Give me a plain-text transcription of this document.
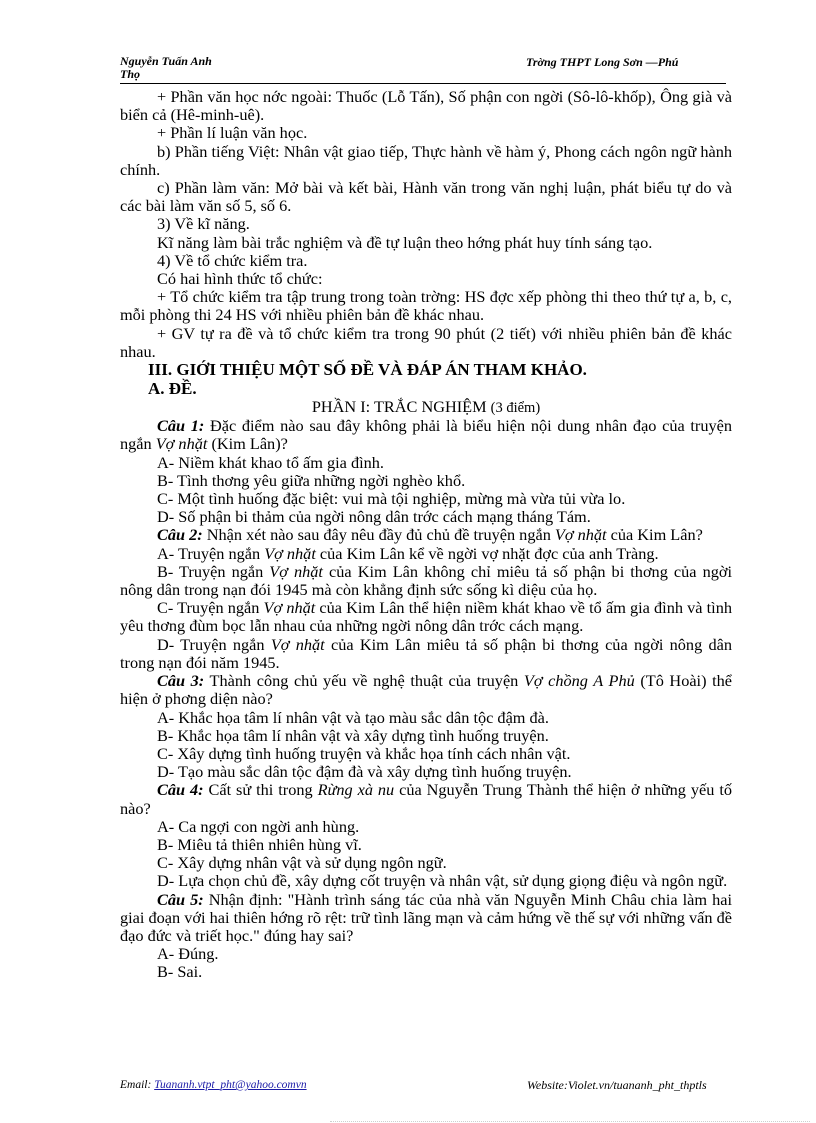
Nguyễn Tuấn Anh
Thọ
Trờng THPT Long Sơn —Phú

+ Phần văn học nớc ngoài: Thuốc (Lỗ Tấn), Số phận con ngời (Sô-lô-khốp), Ông già và biển cả (Hê-minh-uê).

+ Phần lí luận văn học.

b) Phần tiếng Việt: Nhân vật giao tiếp, Thực hành về hàm ý, Phong cách ngôn ngữ hành chính.

c) Phần làm văn: Mở bài và kết bài, Hành văn trong văn nghị luận, phát biểu tự do và các bài làm văn số 5, số 6.

3) Về kĩ năng.

Kĩ năng làm bài trắc nghiệm và đề tự luận theo hớng phát huy tính sáng tạo.

4) Về tổ chức kiểm tra.

Có hai hình thức tổ chức:

+ Tổ chức kiểm tra tập trung trong toàn trờng: HS đợc xếp phòng thi theo thứ tự a, b, c, mỗi phòng thi 24 HS với nhiều phiên bản đề khác nhau.

+ GV tự ra đề và tổ chức kiểm tra trong 90 phút (2 tiết) với nhiều phiên bản đề khác nhau.

III. GIỚI THIỆU MỘT SỐ ĐỀ VÀ ĐÁP ÁN THAM KHẢO.

A. ĐỀ.

PHẦN I: TRẮC NGHIỆM (3 điểm)

Câu 1: Đặc điểm nào sau đây không phải là biểu hiện nội dung nhân đạo của truyện ngắn Vợ nhặt (Kim Lân)?

A- Niềm khát khao tổ ấm gia đình.

B- Tình thơng yêu giữa những ngời nghèo khổ.

C- Một tình huống đặc biệt: vui mà tội nghiệp, mừng mà vừa tủi vừa lo.

D- Số phận bi thảm của ngời nông dân trớc cách mạng tháng Tám.

Câu 2: Nhận xét nào sau đây nêu đầy đủ chủ đề truyện ngắn Vợ nhặt của Kim Lân?

A- Truyện ngắn Vợ nhặt của Kim Lân kể về ngời vợ nhặt đợc của anh Tràng.

B- Truyện ngắn Vợ nhặt của Kim Lân không chỉ miêu tả số phận bi thơng của ngời nông dân trong nạn đói 1945 mà còn khẳng định sức sống kì diệu của họ.

C- Truyện ngắn Vợ nhặt của Kim Lân thể hiện niềm khát khao về tổ ấm gia đình và tình yêu thơng đùm bọc lẫn nhau của những ngời nông dân trớc cách mạng.

D- Truyện ngắn Vợ nhặt của Kim Lân miêu tả số phận bi thơng của ngời nông dân trong nạn đói năm 1945.

Câu 3: Thành công chủ yếu về nghệ thuật của truyện Vợ chồng A Phủ (Tô Hoài) thể hiện ở phơng diện nào?

A- Khắc họa tâm lí nhân vật và tạo màu sắc dân tộc đậm đà.

B- Khắc họa tâm lí nhân vật và xây dựng tình huống truyện.

C- Xây dựng tình huống truyện và khắc họa tính cách nhân vật.

D- Tạo màu sắc dân tộc đậm đà và xây dựng tình huống truyện.

Câu 4: Cất sử thi trong Rừng xà nu của Nguyễn Trung Thành thể hiện ở những yếu tố nào?

A- Ca ngợi con ngời anh hùng.

B- Miêu tả thiên nhiên hùng vĩ.

C- Xây dựng nhân vật và sử dụng ngôn ngữ.

D- Lựa chọn chủ đề, xây dựng cốt truyện và nhân vật, sử dụng giọng điệu và ngôn ngữ.

Câu 5: Nhận định: "Hành trình sáng tác của nhà văn Nguyễn Minh Châu chia làm hai giai đoạn với hai thiên hớng rõ rệt: trữ tình lãng mạn và cảm hứng về thế sự với những vấn đề đạo đức và triết học." đúng hay sai?

A- Đúng.

B- Sai.

Email: Tuananh.vtpt_pht@yahoo.comvn	Website:Violet.vn/tuananh_pht_thptls
